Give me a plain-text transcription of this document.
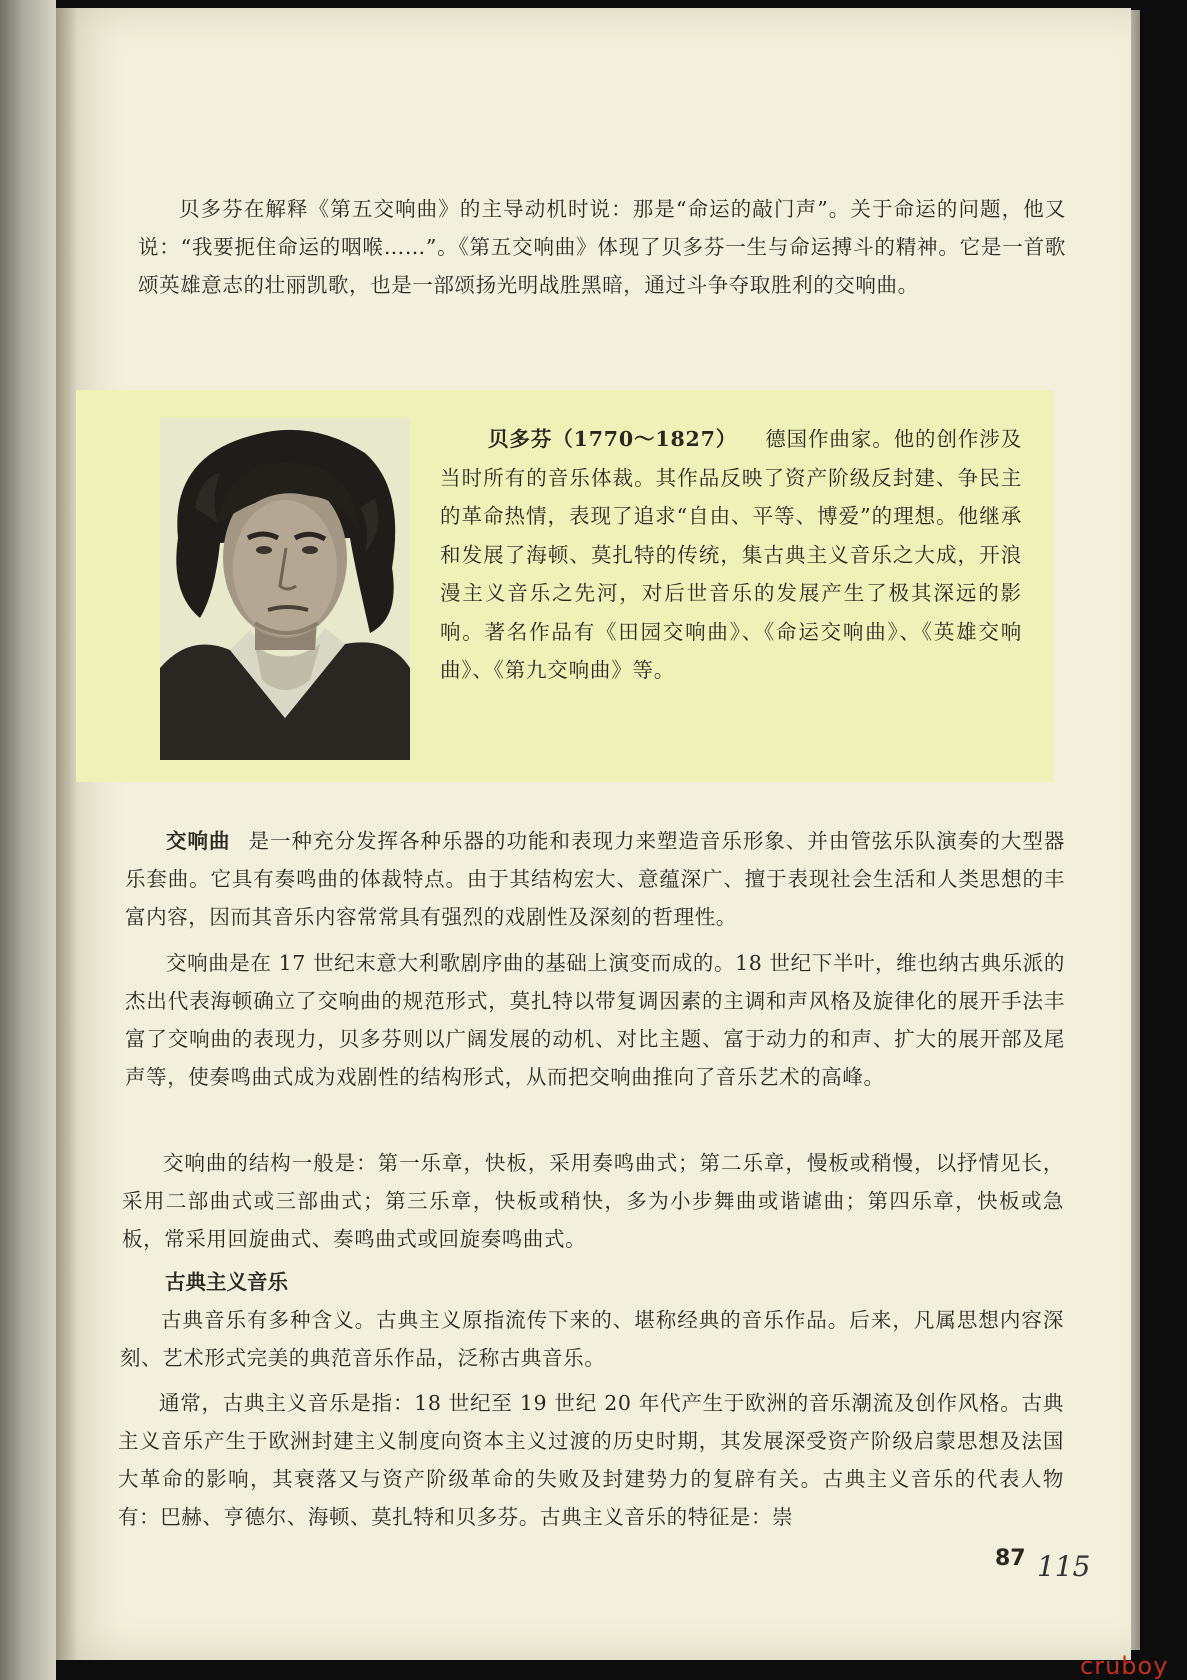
贝多芬在解释《第五交响曲》的主导动机时说：那是“命运的敲门声”。关于命运的问题，他又说：“我要扼住命运的咽喉……”。《第五交响曲》体现了贝多芬一生与命运搏斗的精神。它是一首歌颂英雄意志的壮丽凯歌，也是一部颂扬光明战胜黑暗，通过斗争夺取胜利的交响曲。

贝多芬（1770～1827） 德国作曲家。他的创作涉及当时所有的音乐体裁。其作品反映了资产阶级反封建、争民主的革命热情，表现了追求“自由、平等、博爱”的理想。他继承和发展了海顿、莫扎特的传统，集古典主义音乐之大成，开浪漫主义音乐之先河，对后世音乐的发展产生了极其深远的影响。著名作品有《田园交响曲》、《命运交响曲》、《英雄交响曲》、《第九交响曲》等。

交响曲 是一种充分发挥各种乐器的功能和表现力来塑造音乐形象、并由管弦乐队演奏的大型器乐套曲。它具有奏鸣曲的体裁特点。由于其结构宏大、意蕴深广、擅于表现社会生活和人类思想的丰富内容，因而其音乐内容常常具有强烈的戏剧性及深刻的哲理性。

交响曲是在 17 世纪末意大利歌剧序曲的基础上演变而成的。18 世纪下半叶，维也纳古典乐派的杰出代表海顿确立了交响曲的规范形式，莫扎特以带复调因素的主调和声风格及旋律化的展开手法丰富了交响曲的表现力，贝多芬则以广阔发展的动机、对比主题、富于动力的和声、扩大的展开部及尾声等，使奏鸣曲式成为戏剧性的结构形式，从而把交响曲推向了音乐艺术的高峰。

交响曲的结构一般是：第一乐章，快板，采用奏鸣曲式；第二乐章，慢板或稍慢，以抒情见长，采用二部曲式或三部曲式；第三乐章，快板或稍快，多为小步舞曲或谐谑曲；第四乐章，快板或急板，常采用回旋曲式、奏鸣曲式或回旋奏鸣曲式。

古典主义音乐

古典音乐有多种含义。古典主义原指流传下来的、堪称经典的音乐作品。后来，凡属思想内容深刻、艺术形式完美的典范音乐作品，泛称古典音乐。

通常，古典主义音乐是指：18 世纪至 19 世纪 20 年代产生于欧洲的音乐潮流及创作风格。古典主义音乐产生于欧洲封建主义制度向资本主义过渡的历史时期，其发展深受资产阶级启蒙思想及法国大革命的影响，其衰落又与资产阶级革命的失败及封建势力的复辟有关。古典主义音乐的代表人物有：巴赫、亨德尔、海顿、莫扎特和贝多芬。古典主义音乐的特征是：崇

87 115
cruboy
